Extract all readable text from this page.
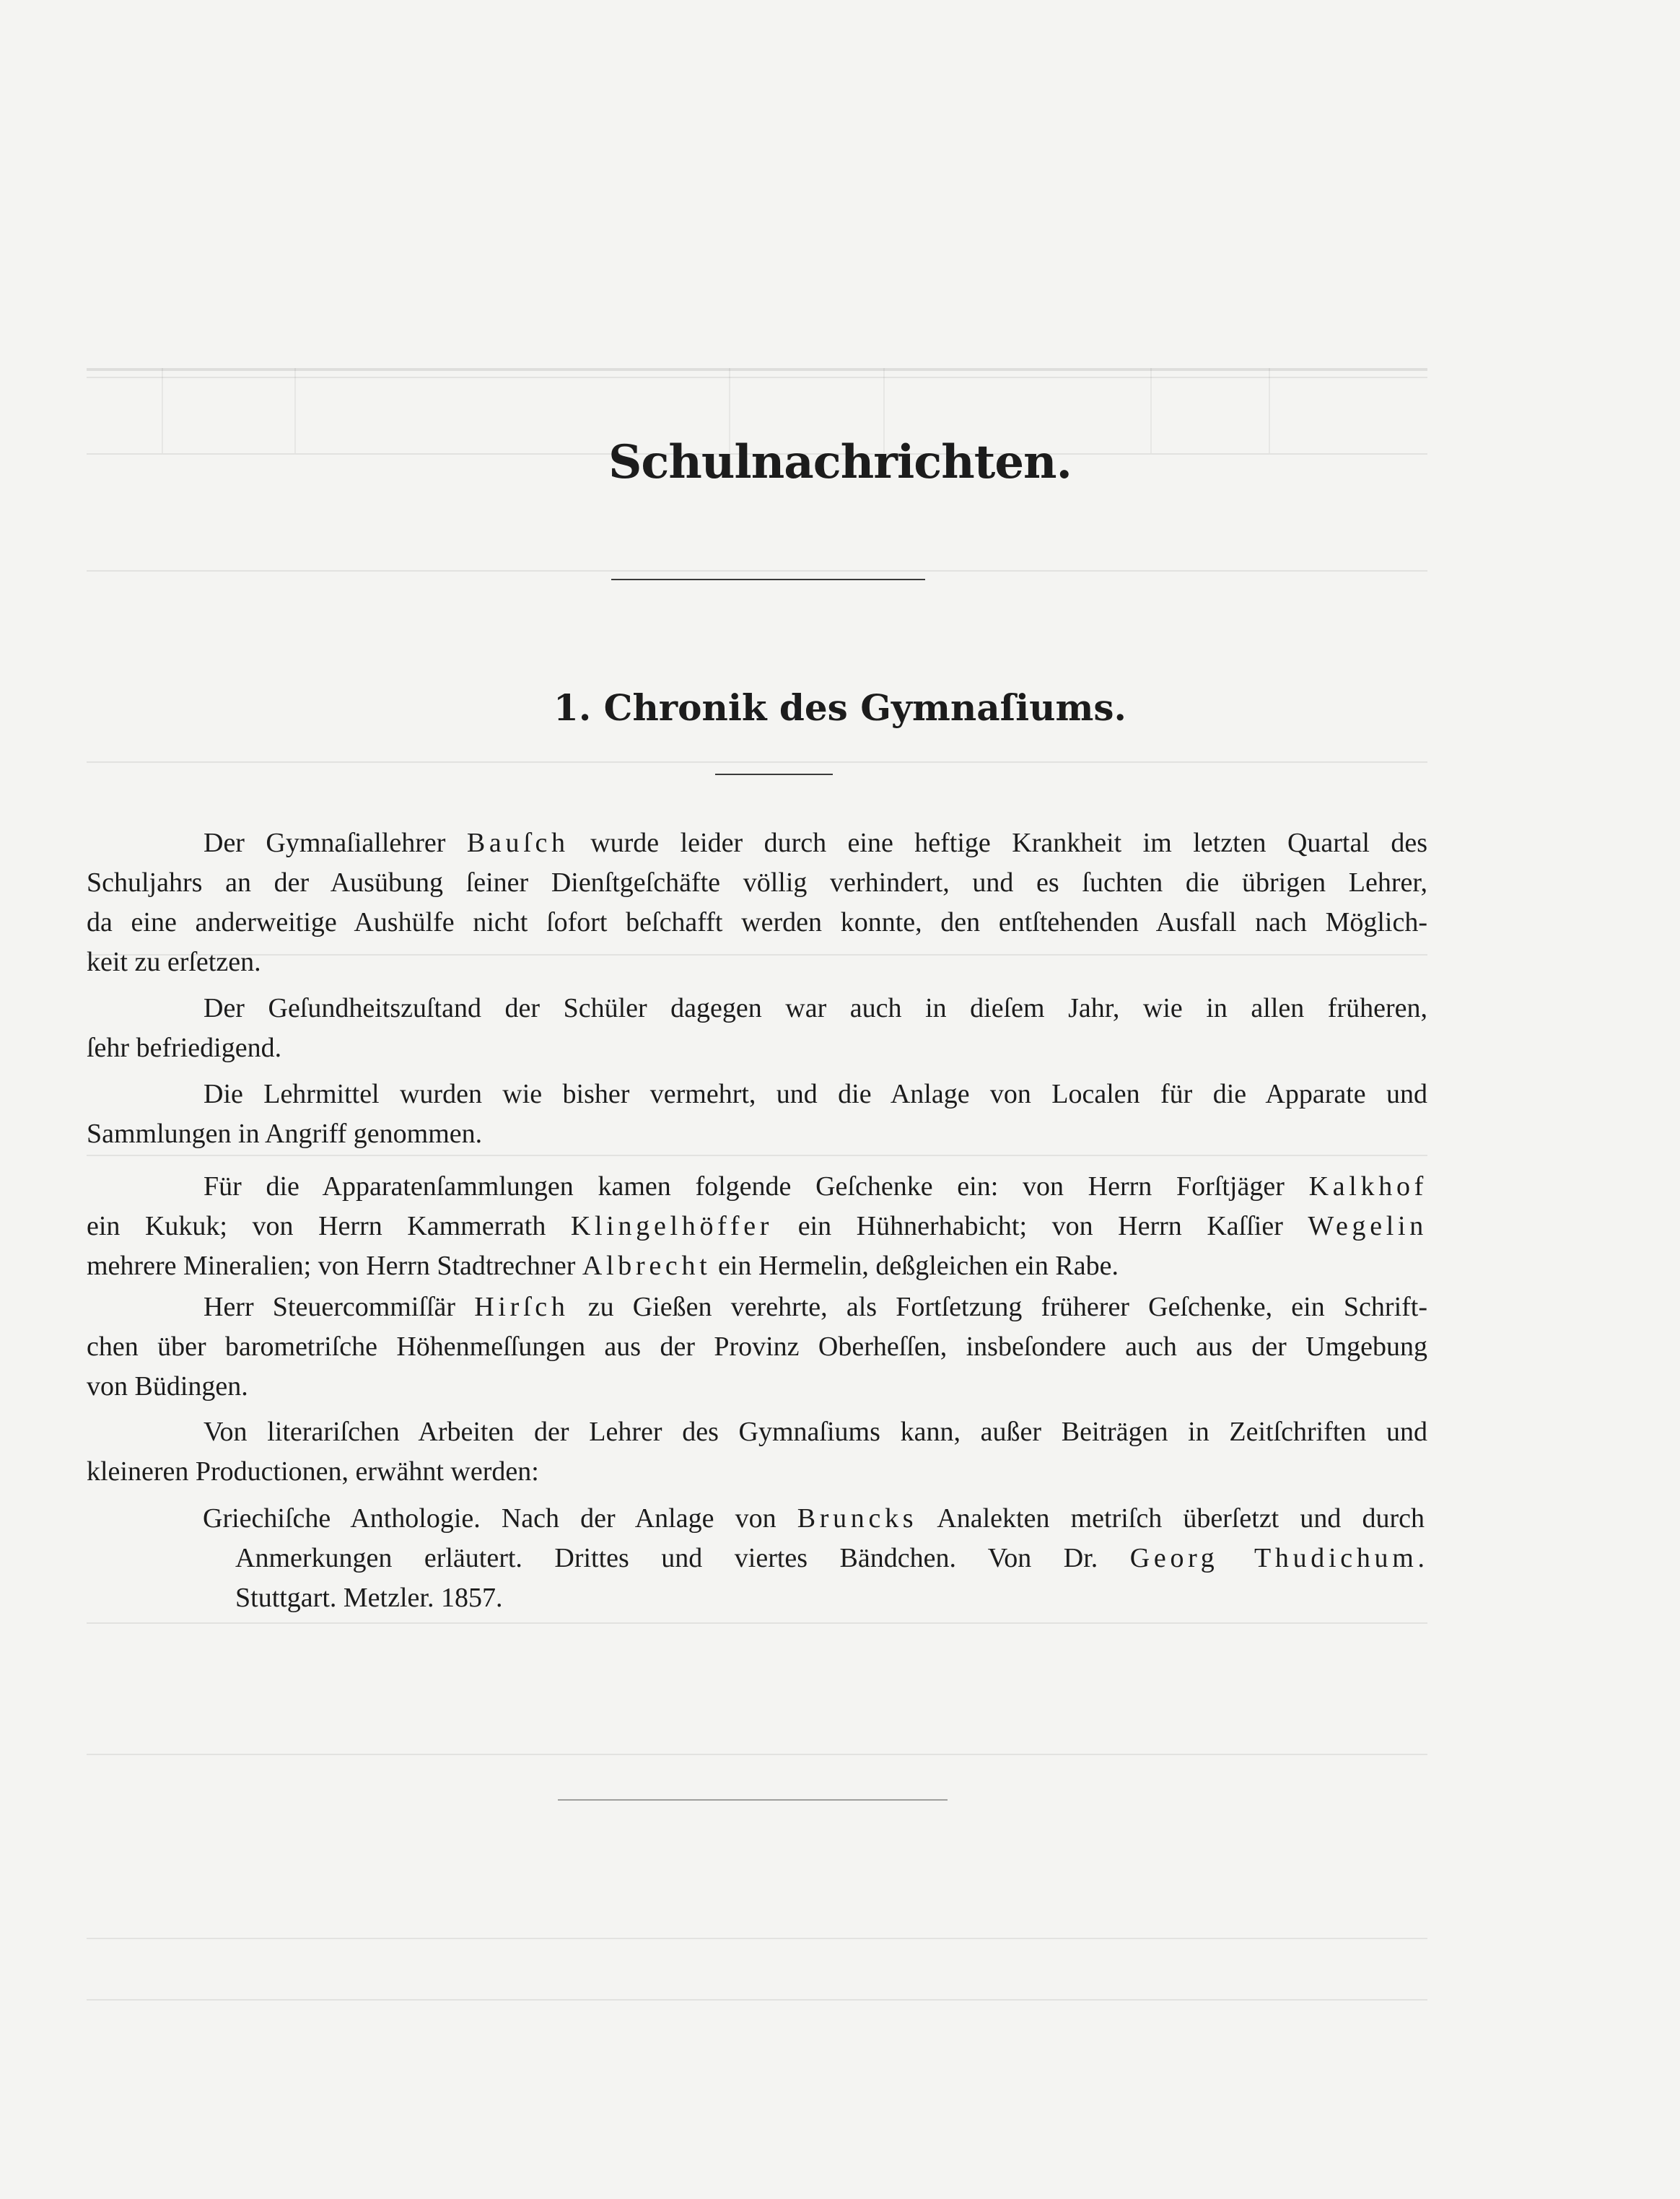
Schulnachrichten.
1. Chronik des Gymnaſiums.
Der Gymnaſiallehrer Bauſch wurde leider durch eine heftige Krankheit im letzten Quartal des
Schuljahrs an der Ausübung ſeiner Dienſtgeſchäfte völlig verhindert, und es ſuchten die übrigen Lehrer,
da eine anderweitige Aushülfe nicht ſofort beſchafft werden konnte, den entſtehenden Ausfall nach Möglich-
keit zu erſetzen.
Der Geſundheitszuſtand der Schüler dagegen war auch in dieſem Jahr, wie in allen früheren,
ſehr befriedigend.
Die Lehrmittel wurden wie bisher vermehrt, und die Anlage von Localen für die Apparate und
Sammlungen in Angriff genommen.
Für die Apparatenſammlungen kamen folgende Geſchenke ein: von Herrn Forſtjäger Kalkhof
ein Kukuk; von Herrn Kammerrath Klingelhöffer ein Hühnerhabicht; von Herrn Kaſſier Wegelin
mehrere Mineralien; von Herrn Stadtrechner Albrecht ein Hermelin, deßgleichen ein Rabe.
Herr Steuercommiſſär Hirſch zu Gießen verehrte, als Fortſetzung früherer Geſchenke, ein Schrift-
chen über barometriſche Höhenmeſſungen aus der Provinz Oberheſſen, insbeſondere auch aus der Umgebung
von Büdingen.
Von literariſchen Arbeiten der Lehrer des Gymnaſiums kann, außer Beiträgen in Zeitſchriften und
kleineren Productionen, erwähnt werden:
Griechiſche Anthologie. Nach der Anlage von Bruncks Analekten metriſch überſetzt und durch
Anmerkungen erläutert. Drittes und viertes Bändchen. Von Dr. Georg Thudichum.
Stuttgart. Metzler. 1857.
